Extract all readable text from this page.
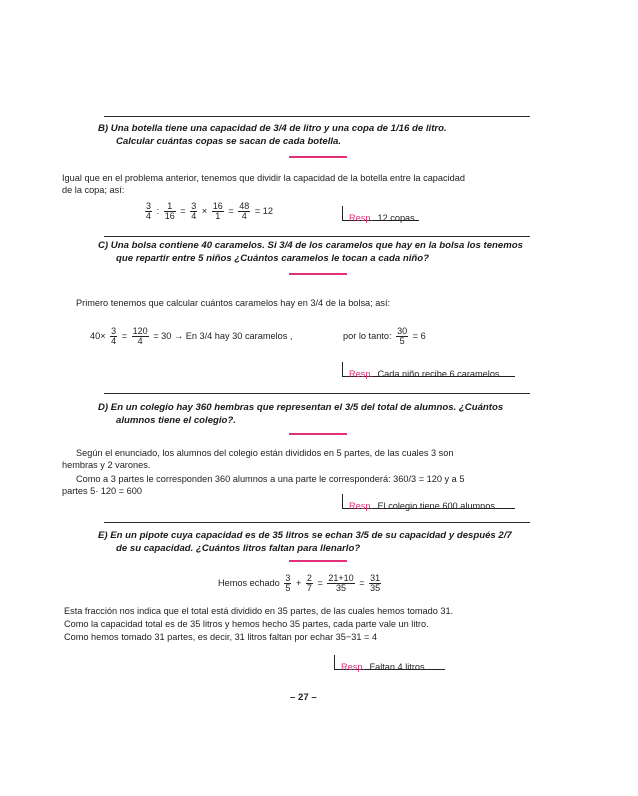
B) Una botella tiene una capacidad de 3/4 de litro y una copa de 1/16 de litro.
Calcular cuántas copas se sacan de cada botella.
Igual que en el problema anterior, tenemos que dividir la capacidad de la botella entre la capacidad
de la copa; así:
$\frac{3}{4}$ : $\frac{1}{16} = \frac{3}{4} \times \frac{16}{1} = \frac{48}{4} = 12$
Resp. 12 copas
C) Una bolsa contiene 40 caramelos. Si 3/4 de los caramelos que hay en la bolsa los tenemos
que repartir entre 5 niños ¿Cuántos caramelos le tocan a cada niño?
Primero tenemos que calcular cuántos caramelos hay en 3/4 de la bolsa; así:
$40\times \frac{3}{4} = \frac{120}{4} = 30 \to En$ 3/4 hay 30 caramelos ,	por lo tanto: $\frac{30}{5} = 6$
Resp. Cada niño recibe 6 caramelos
D) En un colegio hay 360 hembras que representan el 3/5 del total de alumnos. ¿Cuántos
alumnos tiene el colegio?.
Según el enunciado, los alumnos del colegio están divididos en 5 partes, de las cuales 3 son
hembras y 2 varones.
Como a 3 partes le corresponden 360 alumnos a una parte le corresponderá: 360/3 = 120 y a 5
partes 5· 120 = 600
Resp. El colegio tiene 600 alumnos
E) En un pipote cuya capacidad es de 35 litros se echan 3/5 de su capacidad y después 2/7
de su capacidad. ¿Cuántos litros faltan para llenarlo?
Hemos echado $\frac{3}{5} + \frac{2}{7} = \frac{21+10}{35} = \frac{31}{35}$
Esta fracción nos indica que el total está dividido en 35 partes, de las cuales hemos tomado 31.
Como la capacidad total es de 35 litros y hemos hecho 35 partes, cada parte vale un litro.
Como hemos tomado 31 partes, es decir, 31 litros faltan por echar 35−31 = 4
Resp. Faltan 4 litros
– 27 –
